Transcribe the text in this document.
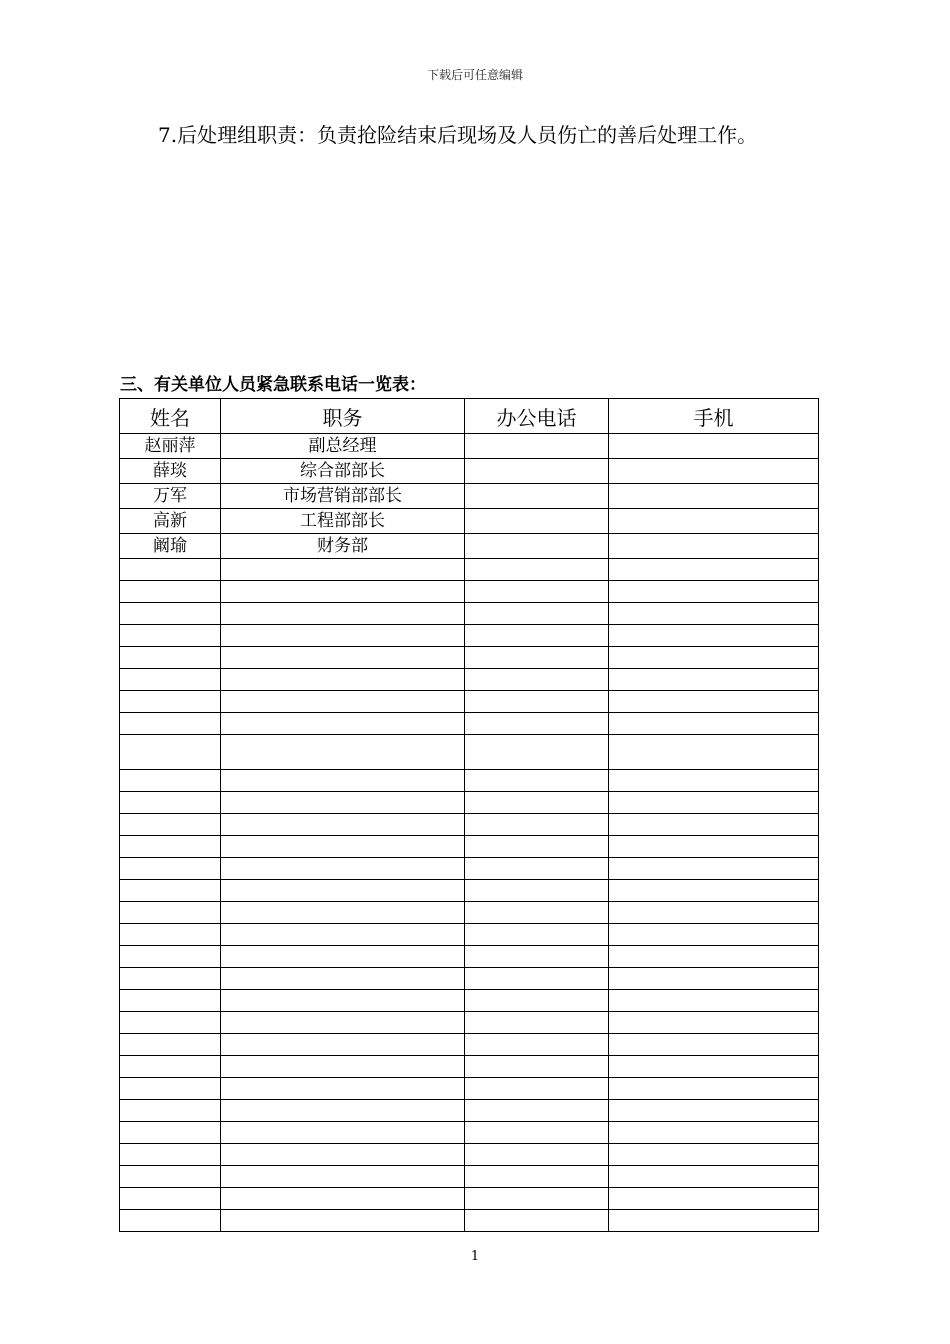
下载后可任意编辑
7.后处理组职责：负责抢险结束后现场及人员伤亡的善后处理工作。
三、有关单位人员紧急联系电话一览表：
姓名	职务	办公电话	手机
赵丽萍	副总经理		
薛琰	综合部部长		
万军	市场营销部部长		
高新	工程部部长		
阚瑜	财务部		

1
